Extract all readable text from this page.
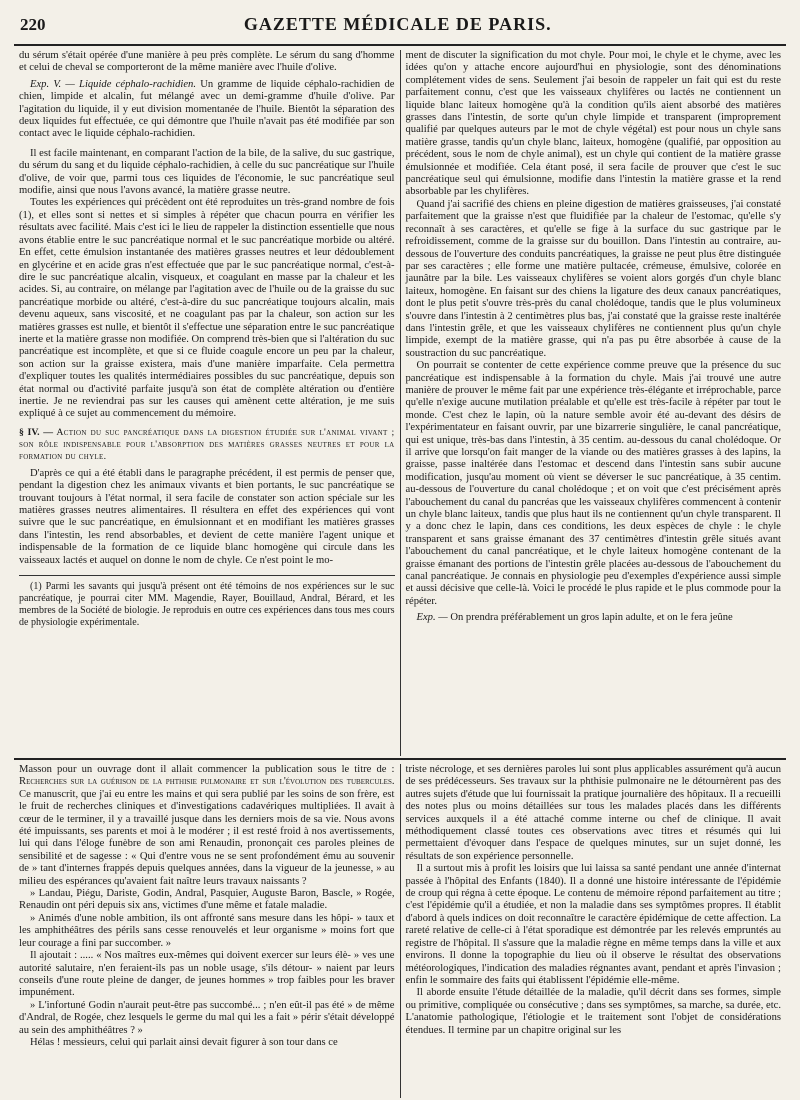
220	GAZETTE MÉDICALE DE PARIS.

du sérum s'était opérée d'une manière à peu près complète. Le sérum du sang d'homme et celui de cheval se comporteront de la même manière avec l'huile d'olive.

Exp. V. — Liquide céphalo-rachidien. Un gramme de liquide céphalo-rachidien de chien, limpide et alcalin, fut mélangé avec un demi-gramme d'huile d'olive. Par l'agitation du liquide, il y eut division momentanée de l'huile. Bientôt la séparation des deux liquides fut effectuée, ce qui démontre que l'huile n'avait pas été modifiée par son contact avec le liquide céphalo-rachidien.

Il est facile maintenant, en comparant l'action de la bile, de la salive, du suc gastrique, du sérum du sang et du liquide céphalo-rachidien, à celle du suc pancréatique sur l'huile d'olive, de voir que, parmi tous ces liquides de l'économie, le suc pancréatique seul modifie, ainsi que nous l'avons avancé, la matière grasse neutre.

Toutes les expériences qui précèdent ont été reproduites un très-grand nombre de fois (1), et elles sont si nettes et si simples à répéter que chacun pourra en vérifier les résultats avec facilité. Mais c'est ici le lieu de rappeler la distinction essentielle que nous avons établie entre le suc pancréatique normal et le suc pancréatique morbide ou altéré. En effet, cette émulsion instantanée des matières grasses neutres et leur dédoublement en glycérine et en acide gras n'est effectuée que par le suc pancréatique normal, c'est-à-dire le suc pancréatique alcalin, visqueux, et coagulant en masse par la chaleur et les acides. Si, au contraire, on mélange par l'agitation avec de l'huile ou de la graisse du suc pancréatique morbide ou altéré, c'est-à-dire du suc pancréatique toujours alcalin, mais devenu aqueux, sans viscosité, et ne coagulant pas par la chaleur, son action sur les matières grasses est nulle, et bientôt il s'effectue une séparation entre le suc pancréatique inerte et la matière grasse non modifiée. On comprend très-bien que si l'altération du suc pancréatique est incomplète, et que si ce fluide coagule encore un peu par la chaleur, son action sur la graisse existera, mais d'une manière imparfaite. Cela permettra d'expliquer toutes les qualités intermédiaires possibles du suc pancréatique, depuis son état normal ou d'activité parfaite jusqu'à son état de complète altération ou d'entière inertie. Je ne reviendrai pas sur les causes qui amènent cette altération, je me suis expliqué à ce sujet au commencement du mémoire.

§ IV. — Action du suc pancréatique dans la digestion étudiée sur l'animal vivant ; son rôle indispensable pour l'absorption des matières grasses neutres et pour la formation du chyle.

D'après ce qui a été établi dans le paragraphe précédent, il est permis de penser que, pendant la digestion chez les animaux vivants et bien portants, le suc pancréatique se trouvant toujours à l'état normal, il sera facile de constater son action spéciale sur les matières grasses neutres alimentaires. Il résultera en effet des expériences qui vont suivre que le suc pancréatique, en émulsionnant et en modifiant les matières grasses dans l'intestin, les rend absorbables, et devient de cette manière l'agent unique et indispensable de la formation de ce liquide blanc homogène qui circule dans les vaisseaux lactés et auquel on donne le nom de chyle. Ce n'est point le mo-

(1) Parmi les savants qui jusqu'à présent ont été témoins de nos expériences sur le suc pancréatique, je pourrai citer MM. Magendie, Rayer, Bouillaud, Andral, Bérard, et les membres de la Société de biologie. Je reproduis en outre ces expériences dans tous mes cours de physiologie expérimentale.

ment de discuter la signification du mot chyle. Pour moi, le chyle et le chyme, avec les idées qu'on y attache encore aujourd'hui en physiologie, sont des dénominations complétement vides de sens. Seulement j'ai besoin de rappeler un fait qui est du reste parfaitement connu, c'est que les vaisseaux chylifères ou lactés ne contiennent un liquide blanc laiteux homogène qu'à la condition qu'ils aient absorbé des matières grasses dans l'intestin, de sorte qu'un chyle limpide et transparent (improprement qualifié par quelques auteurs par le mot de chyle végétal) est pour nous un chyle sans matière grasse, tandis qu'un chyle blanc, laiteux, homogène (qualifié, par opposition au précédent, sous le nom de chyle animal), est un chyle qui contient de la matière grasse émulsionnée et modifiée. Cela étant posé, il sera facile de prouver que c'est le suc pancréatique seul qui émulsionne, modifie dans l'intestin la matière grasse et la rend absorbable par les chylifères.

Quand j'ai sacrifié des chiens en pleine digestion de matières graisseuses, j'ai constaté parfaitement que la graisse n'est que fluidifiée par la chaleur de l'estomac, qu'elle s'y reconnaît à ses caractères, et qu'elle se fige à la surface du suc gastrique par le refroidissement, comme de la graisse sur du bouillon. Dans l'intestin au contraire, au-dessous de l'ouverture des conduits pancréatiques, la graisse ne peut plus être distinguée par ses caractères ; elle forme une matière pultacée, crémeuse, émulsive, colorée en jaunâtre par la bile. Les vaisseaux chylifères se voient alors gorgés d'un chyle blanc laiteux, homogène. En faisant sur des chiens la ligature des deux canaux pancréatiques, dont le plus petit s'ouvre très-près du canal cholédoque, tandis que le plus volumineux s'ouvre dans l'intestin à 2 centimètres plus bas, j'ai constaté que la graisse reste inaltérée dans l'intestin grêle, et que les vaisseaux chylifères ne contiennent plus qu'un chyle limpide, exempt de la matière grasse, qui n'a pas pu être absorbée à cause de la soustraction du suc pancréatique.

On pourrait se contenter de cette expérience comme preuve que la présence du suc pancréatique est indispensable à la formation du chyle. Mais j'ai trouvé une autre manière de prouver le même fait par une expérience très-élégante et irréprochable, parce qu'elle n'exige aucune mutilation préalable et qu'elle est très-facile à répéter par tout le monde. C'est chez le lapin, où la nature semble avoir été au-devant des désirs de l'expérimentateur en faisant ouvrir, par une bizarrerie singulière, le canal pancréatique, qui est unique, très-bas dans l'intestin, à 35 centim. au-dessous du canal cholédoque. Or il arrive que lorsqu'on fait manger de la viande ou des matières grasses à des lapins, la graisse, passe inaltérée dans l'estomac et descend dans l'intestin sans subir aucune modification, jusqu'au moment où vient se déverser le suc pancréatique, à 35 centim. au-dessous de l'ouverture du canal cholédoque ; et on voit que c'est précisément après l'abouchement du canal du pancréas que les vaisseaux chylifères commencent à contenir un chyle blanc laiteux, tandis que plus haut ils ne contiennent qu'un chyle transparent. Il y a donc chez le lapin, dans ces conditions, les deux espèces de chyle : le chyle transparent et sans graisse émanant des 37 centimètres d'intestin grêle situés avant l'abouchement du canal pancréatique, et le chyle laiteux homogène contenant de la graisse émanant des portions de l'intestin grêle placées au-dessous de l'abouchement du canal pancréatique. Je connais en physiologie peu d'exemples d'expérience aussi simple et aussi décisive que celle-là. Voici le procédé le plus rapide et le plus commode pour la répéter.

Exp. — On prendra préférablement un gros lapin adulte, et on le fera jeûne

Masson pour un ouvrage dont il allait commencer la publication sous le titre de : Recherches sur la guérison de la phthisie pulmonaire et sur l'évolution des tubercules. Ce manuscrit, que j'ai eu entre les mains et qui sera publié par les soins de son frère, est le fruit de recherches cliniques et d'investigations cadavériques multipliées. Il avait à cœur de le terminer, il y a travaillé jusque dans les derniers mois de sa vie. Nous avons été impuissants, ses parents et moi à le modérer ; il est resté froid à nos avertissements, lui qui dans l'éloge funèbre de son ami Renaudin, prononçait ces paroles pleines de sensibilité et de sagesse : « Qui d'entre vous ne se sent profondément ému au souvenir de » tant d'internes frappés depuis quelques années, dans la vigueur de la jeunesse, » au milieu des espérances qu'avaient fait naître leurs travaux naissants ?

» Landau, Piégu, Dariste, Godin, Andral, Pasquier, Auguste Baron, Bascle, » Rogée, Renaudin ont péri depuis six ans, victimes d'une même et fatale maladie.

» Animés d'une noble ambition, ils ont affronté sans mesure dans les hôpi- » taux et les amphithéâtres des périls sans cesse renouvelés et leur organisme » moins fort que leur courage a fini par succomber. »

Il ajoutait : ..... « Nos maîtres eux-mêmes qui doivent exercer sur leurs élè- » ves une autorité salutaire, n'en feraient-ils pas un noble usage, s'ils détour- » naient par leurs conseils d'une route pleine de danger, de jeunes hommes » trop faibles pour les braver impunément.

» L'infortuné Godin n'aurait peut-être pas succombé... ; n'en eût-il pas été » de même d'Andral, de Rogée, chez lesquels le germe du mal qui les a fait » périr s'était développé au sein des amphithéâtres ? »

Hélas ! messieurs, celui qui parlait ainsi devait figurer à son tour dans ce

triste nécrologe, et ses dernières paroles lui sont plus applicables assurément qu'à aucun de ses prédécesseurs. Ses travaux sur la phthisie pulmonaire ne le détournèrent pas des autres sujets d'étude que lui fournissait la pratique journalière des hôpitaux. Il a recueilli des notes plus ou moins détaillées sur tous les malades placés dans les différents services auxquels il a été attaché comme interne ou chef de clinique. Il avait méthodiquement classé toutes ces observations avec titres et résumés qui lui permettaient d'évoquer dans l'espace de quelques minutes, sur un sujet donné, les résultats de son expérience personnelle.

Il a surtout mis à profit les loisirs que lui laissa sa santé pendant une année d'internat passée à l'hôpital des Enfants (1840). Il a donné une histoire intéressante de l'épidémie de croup qui régna à cette époque. Le contenu de mémoire répond parfaitement au titre ; c'est l'épidémie qu'il a étudiée, et non la maladie dans ses symptômes propres. Il établit d'abord à quels indices on doit reconnaître le caractère épidémique de cette affection. La rareté relative de celle-ci à l'état sporadique est démontrée par les relevés empruntés au registre de l'hôpital. Il s'assure que la maladie règne en même temps dans la ville et aux environs. Il donne la topographie du lieu où il observe le résultat des observations météorologiques, l'indication des maladies régnantes avant, pendant et après l'invasion ; enfin le sommaire des faits qui établissent l'épidémie elle-même.

Il aborde ensuite l'étude détaillée de la maladie, qu'il décrit dans ses formes, simple ou primitive, compliquée ou consécutive ; dans ses symptômes, sa marche, sa durée, etc. L'anatomie pathologique, l'étiologie et le traitement sont l'objet de considérations étendues. Il termine par un chapitre original sur les
